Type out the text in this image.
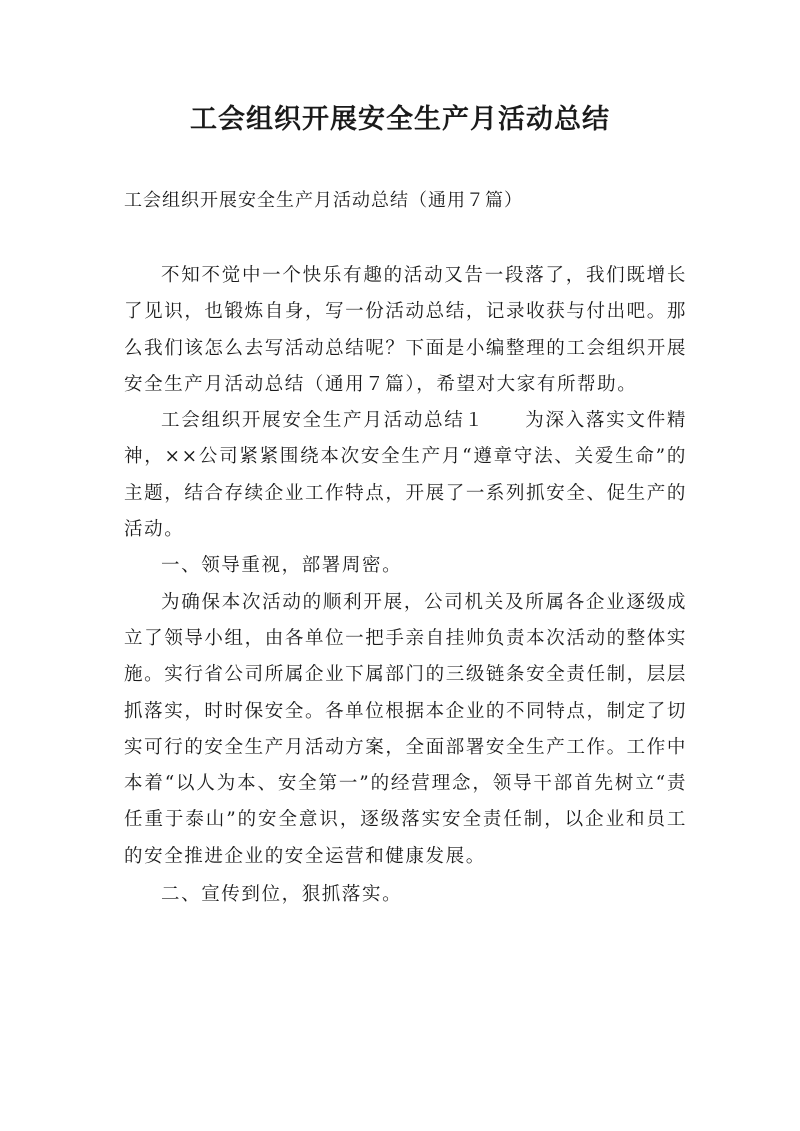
工会组织开展安全生产月活动总结

工会组织开展安全生产月活动总结（通用７篇）

不知不觉中一个快乐有趣的活动又告一段落了，我们既增长了见识，也锻炼自身，写一份活动总结，记录收获与付出吧。那么我们该怎么去写活动总结呢？下面是小编整理的工会组织开展安全生产月活动总结（通用７篇），希望对大家有所帮助。

工会组织开展安全生产月活动总结１　　为深入落实文件精神，××公司紧紧围绕本次安全生产月“遵章守法、关爱生命”的主题，结合存续企业工作特点，开展了一系列抓安全、促生产的活动。

一、领导重视，部署周密。

为确保本次活动的顺利开展，公司机关及所属各企业逐级成立了领导小组，由各单位一把手亲自挂帅负责本次活动的整体实施。实行省公司所属企业下属部门的三级链条安全责任制，层层抓落实，时时保安全。各单位根据本企业的不同特点，制定了切实可行的安全生产月活动方案，全面部署安全生产工作。工作中本着“以人为本、安全第一”的经营理念，领导干部首先树立“责任重于泰山”的安全意识，逐级落实安全责任制，以企业和员工的安全推进企业的安全运营和健康发展。

二、宣传到位，狠抓落实。
